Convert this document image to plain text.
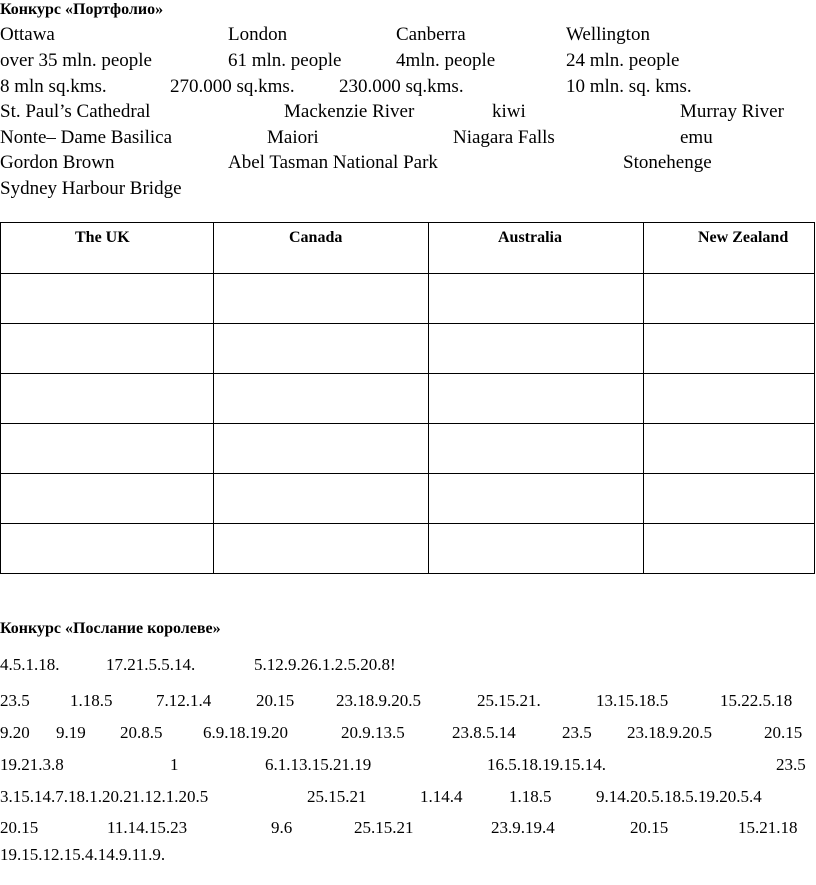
Конкурс «Портфолио»
Ottawa	London	Canberra	Wellington
over 35 mln. people	61 mln. people	4mln. people	24 mln. people
8 mln sq.kms.	270.000 sq.kms. 230.000 sq.kms.	10 mln. sq. kms.
St. Paul’s Cathedral	Mackenzie River	kiwi	Murray River
Nonte– Dame Basilica	Maiori	Niagara Falls	emu
Gordon Brown	Abel Tasman National Park	Stonehenge
Sydney Harbour Bridge
The UK	Canada	Australia	New Zealand
Конкурс «Послание королеве»
4.5.1.18.	17.21.5.5.14.	5.12.9.26.1.2.5.20.8!
23.5 1.18.5	7.12.1.4	20.15 23.18.9.20.5	25.15.21.	13.15.18.5	15.22.5.18
9.20 9.19 20.8.5 6.9.18.19.20	20.9.13.5	23.8.5.14	23.5 23.18.9.20.5	20.15
19.21.3.8	1	6.1.13.15.21.19	16.5.18.19.15.14.	23.5
3.15.14.7.18.1.20.21.12.1.20.5	25.15.21	1.14.4	1.18.5	9.14.20.5.18.5.19.20.5.4
20.15	11.14.15.23	9.6	25.15.21	23.9.19.4	20.15	15.21.18
19.15.12.15.4.14.9.11.9.
